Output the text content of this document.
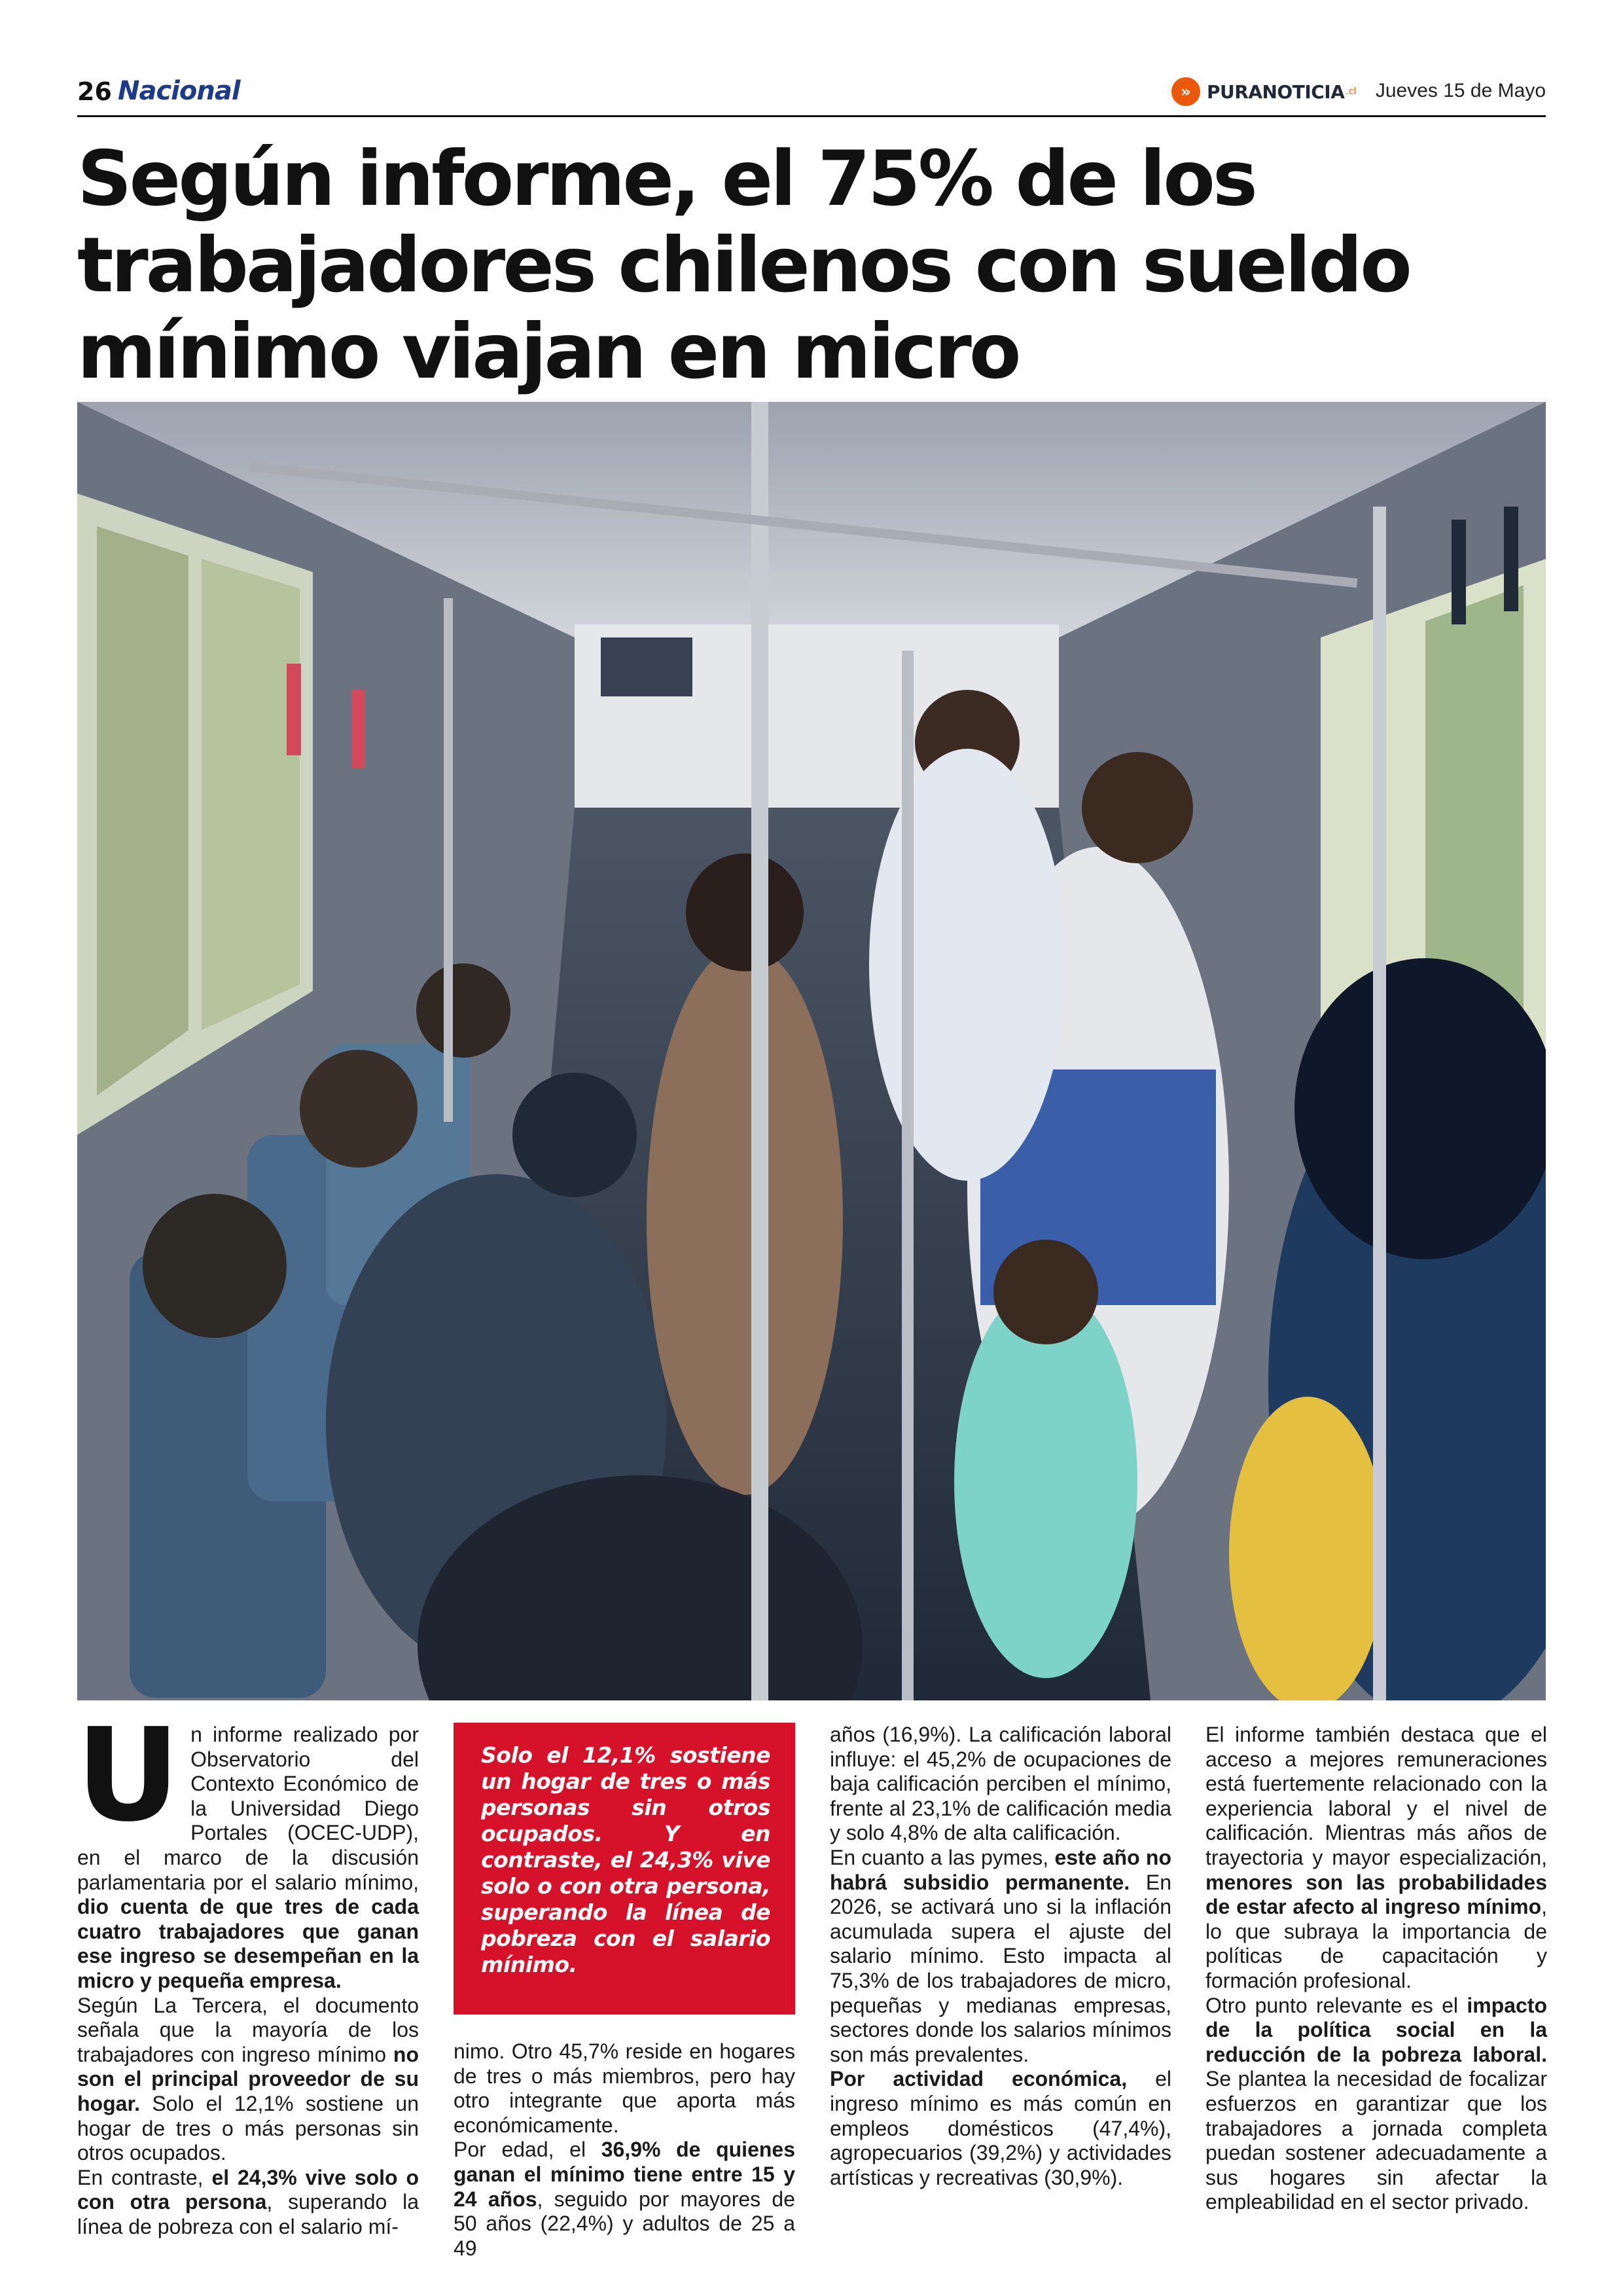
26 Nacional	» PURANOTICIA .cl Jueves 15 de Mayo
Según informe, el 75% de los
trabajadores chilenos con sueldo
mínimo viajan en micro
U n informe realizado por Observatorio del Contexto Económico de la Universidad Diego Portales (OCEC-UDP), en el marco de la discusión parlamentaria por el salario mínimo, dio cuenta de que tres de cada cuatro trabajadores que ganan ese ingreso se desempeñan en la micro y pequeña empresa.

Según La Tercera, el documento señala que la mayoría de los trabajadores con ingreso mínimo no son el principal proveedor de su hogar. Solo el 12,1% sostiene un hogar de tres o más personas sin otros ocupados.

En contraste, el 24,3% vive solo o con otra persona, superando la línea de pobreza con el salario mí-

Solo el 12,1% sostiene un hogar de tres o más personas sin otros ocupados. Y en contraste, el 24,3% vive solo o con otra persona, superando la línea de pobreza con el salario mínimo.

nimo. Otro 45,7% reside en hogares de tres o más miembros, pero hay otro integrante que aporta más económicamente.

Por edad, el 36,9% de quienes ganan el mínimo tiene entre 15 y 24 años, seguido por mayores de 50 años (22,4%) y adultos de 25 a 49

años (16,9%). La calificación laboral influye: el 45,2% de ocupaciones de baja calificación perciben el mínimo, frente al 23,1% de calificación media y solo 4,8% de alta calificación.

En cuanto a las pymes, este año no habrá subsidio permanente. En 2026, se activará uno si la inflación acumulada supera el ajuste del salario mínimo. Esto impacta al 75,3% de los trabajadores de micro, pequeñas y medianas empresas, sectores donde los salarios mínimos son más prevalentes.

Por actividad económica, el ingreso mínimo es más común en empleos domésticos (47,4%), agropecuarios (39,2%) y actividades artísticas y recreativas (30,9%).

El informe también destaca que el acceso a mejores remuneraciones está fuertemente relacionado con la experiencia laboral y el nivel de calificación. Mientras más años de trayectoria y mayor especialización, menores son las probabilidades de estar afecto al ingreso mínimo, lo que subraya la importancia de políticas de capacitación y formación profesional.

Otro punto relevante es el impacto de la política social en la reducción de la pobreza laboral. Se plantea la necesidad de focalizar esfuerzos en garantizar que los trabajadores a jornada completa puedan sostener adecuadamente a sus hogares sin afectar la empleabilidad en el sector privado.
